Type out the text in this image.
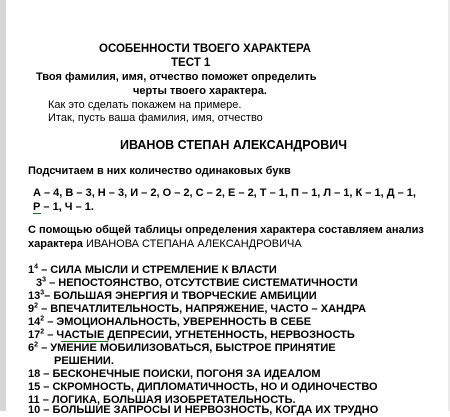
ОСОБЕННОСТИ ТВОЕГО ХАРАКТЕРА
ТЕСТ 1
Твоя фамилия, имя, отчество поможет определить
черты твоего характера.
Как это сделать покажем на примере.
Итак, пусть ваша фамилия, имя, отчество
ИВАНОВ СТЕПАН АЛЕКСАНДРОВИЧ
Подсчитаем в них количество одинаковых букв
А – 4, В – 3, Н – 3, И – 2, О – 2, С – 2, Е – 2, Т – 1, П – 1, Л – 1, К – 1, Д – 1,
Р – 1, Ч – 1.
С помощью общей таблицы определения характера составляем анализ
характера ИВАНОВА СТЕПАНА АЛЕКСАНДРОВИЧА
$1^4$ – СИЛА МЫСЛИ И СТРЕМЛЕНИЕ К ВЛАСТИ
$3^3$ – НЕПОСТОЯНСТВО, ОТСУТСТВИЕ СИСТЕМАТИЧНОСТИ
$13^3-$ БОЛЬШАЯ ЭНЕРГИЯ И ТВОРЧЕСКИЕ АМБИЦИИ
$9^2$ – ВПЕЧАТЛИТЕЛЬНОСТЬ, НАПРЯЖЕНИЕ, ЧАСТО – ХАНДРА
$14^2$ – ЭМОЦИОНАЛЬНОСТЬ, УВЕРЕННОСТЬ В СЕБЕ
$17^2$ – ЧАСТЫЕ ДЕПРЕСИИ, УГНЕТЕННОСТЬ, НЕРВОЗНОСТЬ
$6^2$ – УМЕНИЕ МОБИЛИЗОВАТЬСЯ, БЫСТРОЕ ПРИНЯТИЕ
РЕШЕНИИ.
18 – БЕСКОНЕЧНЫЕ ПОИСКИ, ПОГОНЯ ЗА ИДЕАЛОМ
15 – СКРОМНОСТЬ, ДИПЛОМАТИЧНОСТЬ, НО И ОДИНОЧЕСТВО
11 – ЛОГИКА, БОЛЬШАЯ ИЗОБРЕТАТЕЛЬНОСТЬ.
10 – БОЛЬШИЕ ЗАПРОСЫ И НЕРВОЗНОСТЬ, КОГДА ИХ ТРУДНО
